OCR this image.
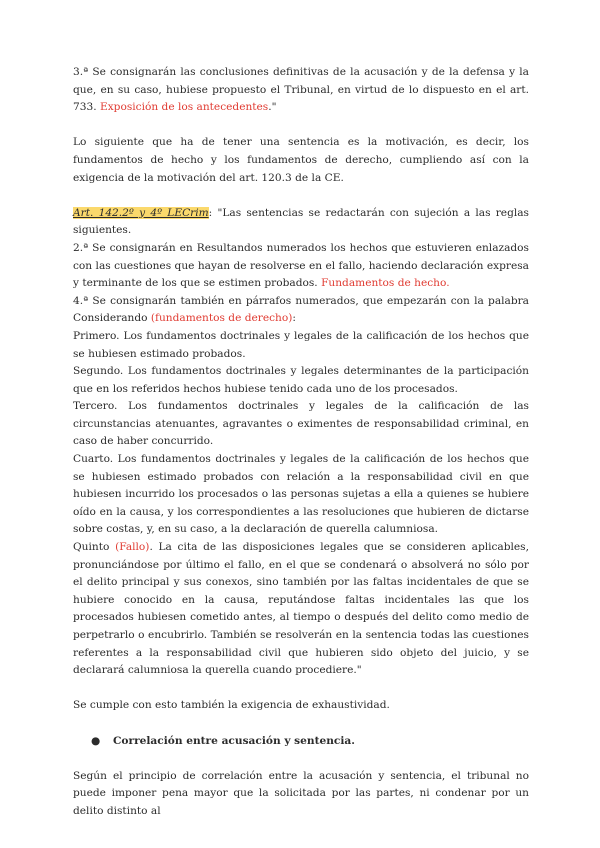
3.ª Se consignarán las conclusiones definitivas de la acusación y de la defensa y la que, en su caso, hubiese propuesto el Tribunal, en virtud de lo dispuesto en el art. 733. Exposición de los antecedentes."

Lo siguiente que ha de tener una sentencia es la motivación, es decir, los fundamentos de hecho y los fundamentos de derecho, cumpliendo así con la exigencia de la motivación del art. 120.3 de la CE.

Art. 142.2º y 4º LECrim: "Las sentencias se redactarán con sujeción a las reglas siguientes.

2.ª Se consignarán en Resultandos numerados los hechos que estuvieren enlazados con las cuestiones que hayan de resolverse en el fallo, haciendo declaración expresa y terminante de los que se estimen probados. Fundamentos de hecho.

4.ª Se consignarán también en párrafos numerados, que empezarán con la palabra Considerando (fundamentos de derecho):

Primero. Los fundamentos doctrinales y legales de la calificación de los hechos que se hubiesen estimado probados.

Segundo. Los fundamentos doctrinales y legales determinantes de la participación que en los referidos hechos hubiese tenido cada uno de los procesados.

Tercero. Los fundamentos doctrinales y legales de la calificación de las circunstancias atenuantes, agravantes o eximentes de responsabilidad criminal, en caso de haber concurrido.

Cuarto. Los fundamentos doctrinales y legales de la calificación de los hechos que se hubiesen estimado probados con relación a la responsabilidad civil en que hubiesen incurrido los procesados o las personas sujetas a ella a quienes se hubiere oído en la causa, y los correspondientes a las resoluciones que hubieren de dictarse sobre costas, y, en su caso, a la declaración de querella calumniosa.

Quinto (Fallo). La cita de las disposiciones legales que se consideren aplicables, pronunciándose por último el fallo, en el que se condenará o absolverá no sólo por el delito principal y sus conexos, sino también por las faltas incidentales de que se hubiere conocido en la causa, reputándose faltas incidentales las que los procesados hubiesen cometido antes, al tiempo o después del delito como medio de perpetrarlo o encubrirlo. También se resolverán en la sentencia todas las cuestiones referentes a la responsabilidad civil que hubieren sido objeto del juicio, y se declarará calumniosa la querella cuando procediere."

Se cumple con esto también la exigencia de exhaustividad.

●	Correlación entre acusación y sentencia.

Según el principio de correlación entre la acusación y sentencia, el tribunal no puede imponer pena mayor que la solicitada por las partes, ni condenar por un delito distinto al
